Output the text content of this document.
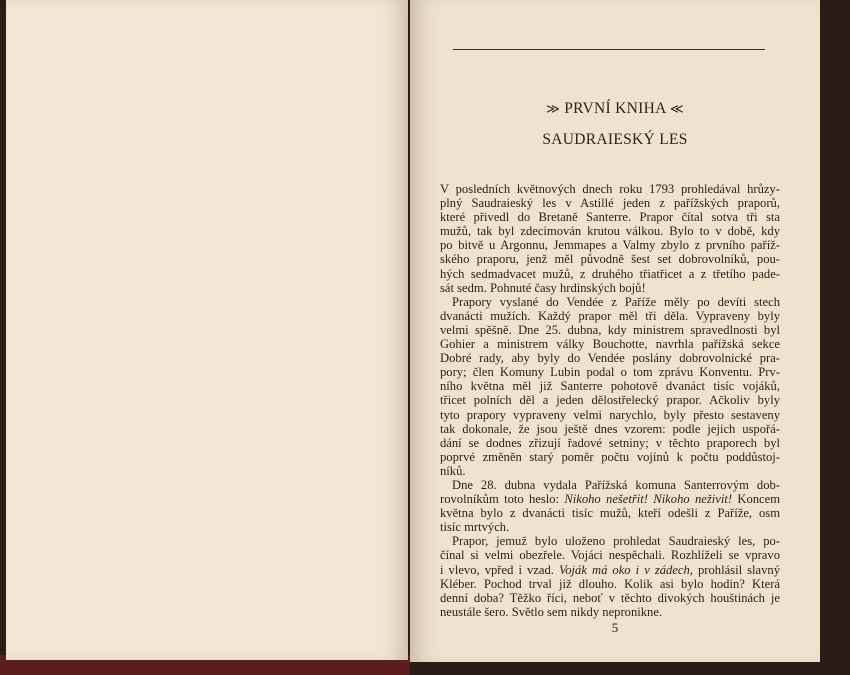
≫ PRVNÍ KNIHA ≪
SAUDRAIESKÝ LES
V posledních květnových dnech roku 1793 prohledával hrůzy-
plný Saudraieský les v Astillé jeden z pařížských praporů,
které přivedl do Bretaně Santerre. Prapor čítal sotva tři sta
mužů, tak byl zdecimován krutou válkou. Bylo to v době, kdy
po bitvě u Argonnu, Jemmapes a Valmy zbylo z prvního paříž-
ského praporu, jenž měl původně šest set dobrovolníků, pou-
hých sedmadvacet mužů, z druhého třiatřicet a z třetího pade-
sát sedm. Pohnuté časy hrdinských bojů!
Prapory vyslané do Vendée z Paříže měly po devíti stech
dvanácti mužích. Každý prapor měl tři děla. Vypraveny byly
velmi spěšně. Dne 25. dubna, kdy ministrem spravedlnosti byl
Gohier a ministrem války Bouchotte, navrhla pařížská sekce
Dobré rady, aby byly do Vendée poslány dobrovolnické pra-
pory; člen Komuny Lubin podal o tom zprávu Konventu. Prv-
ního května měl již Santerre pohotově dvanáct tisíc vojáků,
třicet polních děl a jeden dělostřelecký prapor. Ačkoliv byly
tyto prapory vypraveny velmi narychlo, byly přesto sestaveny
tak dokonale, že jsou ještě dnes vzorem: podle jejich uspořá-
dání se dodnes zřizují řadové setniny; v těchto praporech byl
poprvé změněn starý poměr počtu vojínů k počtu poddůstoj-
níků.
Dne 28. dubna vydala Pařížská komuna Santerrovým dob-
rovolníkům toto heslo: Nikoho nešetřit! Nikoho neživit! Koncem
května bylo z dvanácti tisíc mužů, kteří odešli z Paříže, osm
tisíc mrtvých.
Prapor, jemuž bylo uloženo prohledat Saudraieský les, po-
čínal si velmi obezřele. Vojáci nespěchali. Rozhlíželi se vpravo
i vlevo, vpřed i vzad. Voják má oko i v zádech, prohlásil slavný
Kléber. Pochod trval již dlouho. Kolik asi bylo hodin? Která
denní doba? Těžko říci, neboť v těchto divokých houštinách je
neustále šero. Světlo sem nikdy nepronikne.
5
